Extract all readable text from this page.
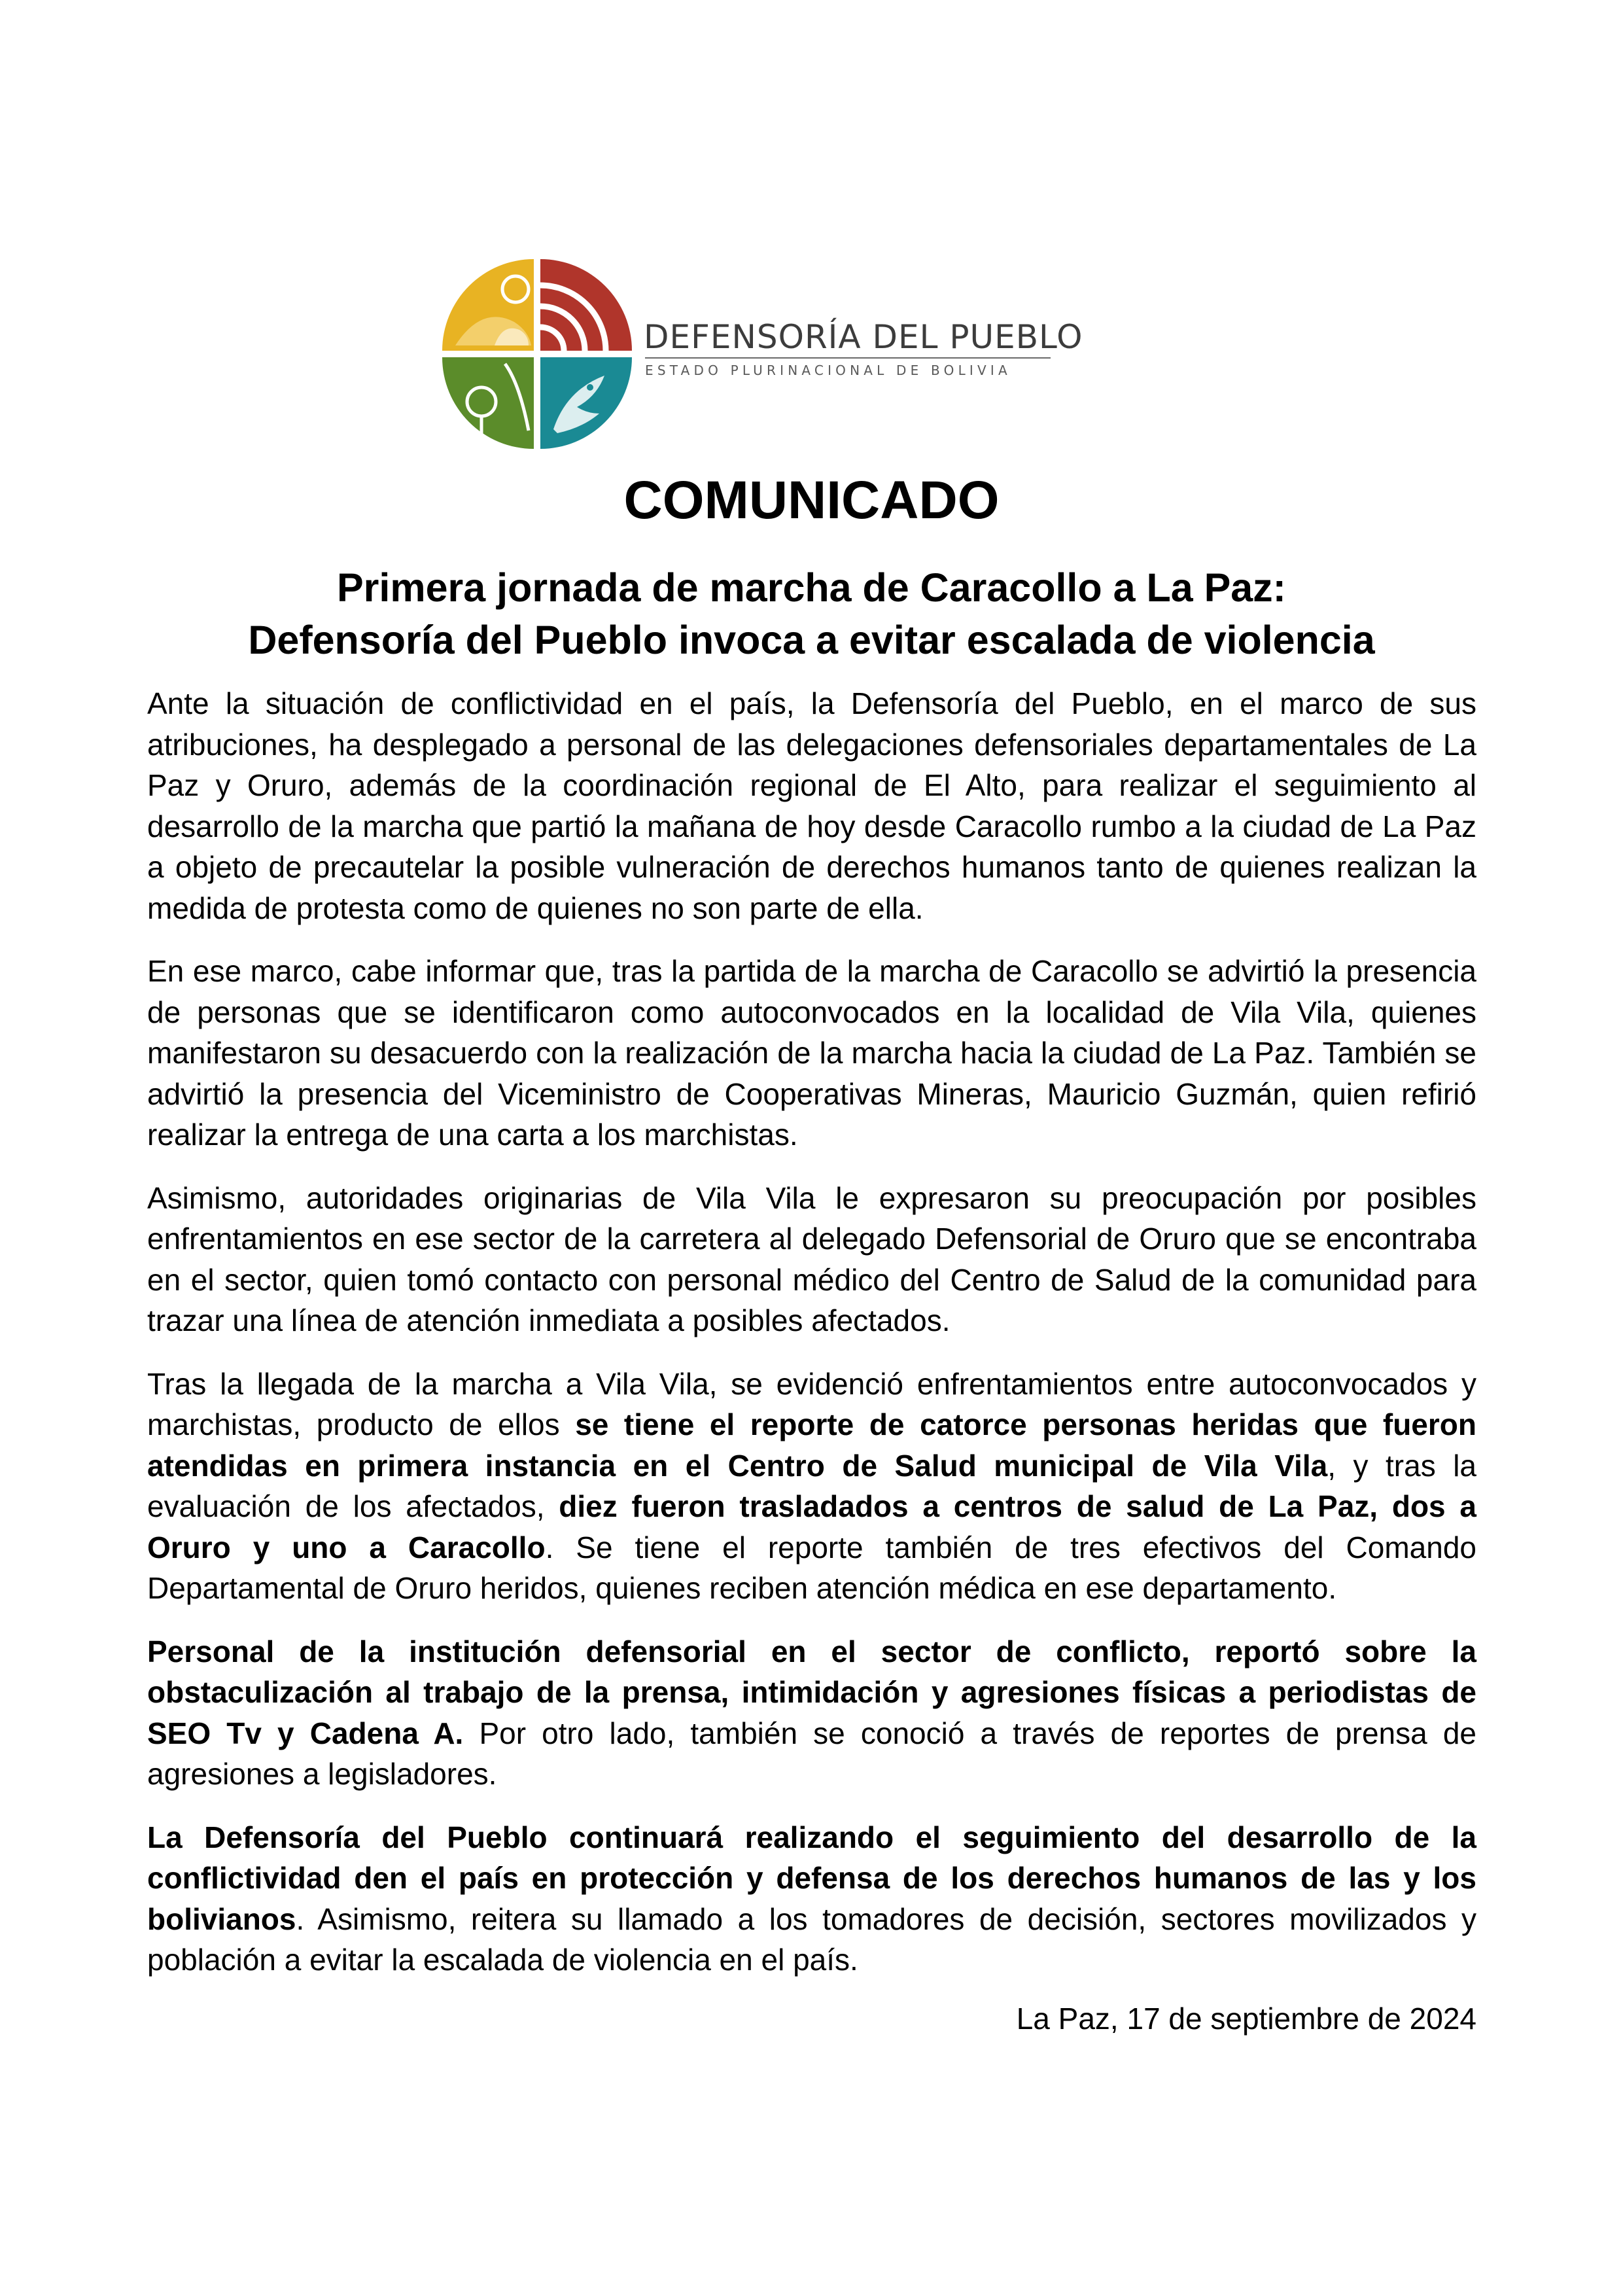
DEFENSORÍA DEL PUEBLO
ESTADO PLURINACIONAL DE BOLIVIA
COMUNICADO
Primera jornada de marcha de Caracollo a La Paz:
Defensoría del Pueblo invoca a evitar escalada de violencia

Ante la situación de conflictividad en el país, la Defensoría del Pueblo, en el marco de sus atribuciones, ha desplegado a personal de las delegaciones defensoriales departamentales de La Paz y Oruro, además de la coordinación regional de El Alto, para realizar el seguimiento al desarrollo de la marcha que partió la mañana de hoy desde Caracollo rumbo a la ciudad de La Paz a objeto de precautelar la posible vulneración de derechos humanos tanto de quienes realizan la medida de protesta como de quienes no son parte de ella.

En ese marco, cabe informar que, tras la partida de la marcha de Caracollo se advirtió la presencia de personas que se identificaron como autoconvocados en la localidad de Vila Vila, quienes manifestaron su desacuerdo con la realización de la marcha hacia la ciudad de La Paz. También se advirtió la presencia del Viceministro de Cooperativas Mineras, Mauricio Guzmán, quien refirió realizar la entrega de una carta a los marchistas.

Asimismo, autoridades originarias de Vila Vila le expresaron su preocupación por posibles enfrentamientos en ese sector de la carretera al delegado Defensorial de Oruro que se encontraba en el sector, quien tomó contacto con personal médico del Centro de Salud de la comunidad para trazar una línea de atención inmediata a posibles afectados.

Tras la llegada de la marcha a Vila Vila, se evidenció enfrentamientos entre autoconvocados y marchistas, producto de ellos se tiene el reporte de catorce personas heridas que fueron atendidas en primera instancia en el Centro de Salud municipal de Vila Vila, y tras la evaluación de los afectados, diez fueron trasladados a centros de salud de La Paz, dos a Oruro y uno a Caracollo. Se tiene el reporte también de tres efectivos del Comando Departamental de Oruro heridos, quienes reciben atención médica en ese departamento.

Personal de la institución defensorial en el sector de conflicto, reportó sobre la obstaculización al trabajo de la prensa, intimidación y agresiones físicas a periodistas de SEO Tv y Cadena A. Por otro lado, también se conoció a través de reportes de prensa de agresiones a legisladores.

La Defensoría del Pueblo continuará realizando el seguimiento del desarrollo de la conflictividad den el país en protección y defensa de los derechos humanos de las y los bolivianos. Asimismo, reitera su llamado a los tomadores de decisión, sectores movilizados y población a evitar la escalada de violencia en el país.

La Paz, 17 de septiembre de 2024
